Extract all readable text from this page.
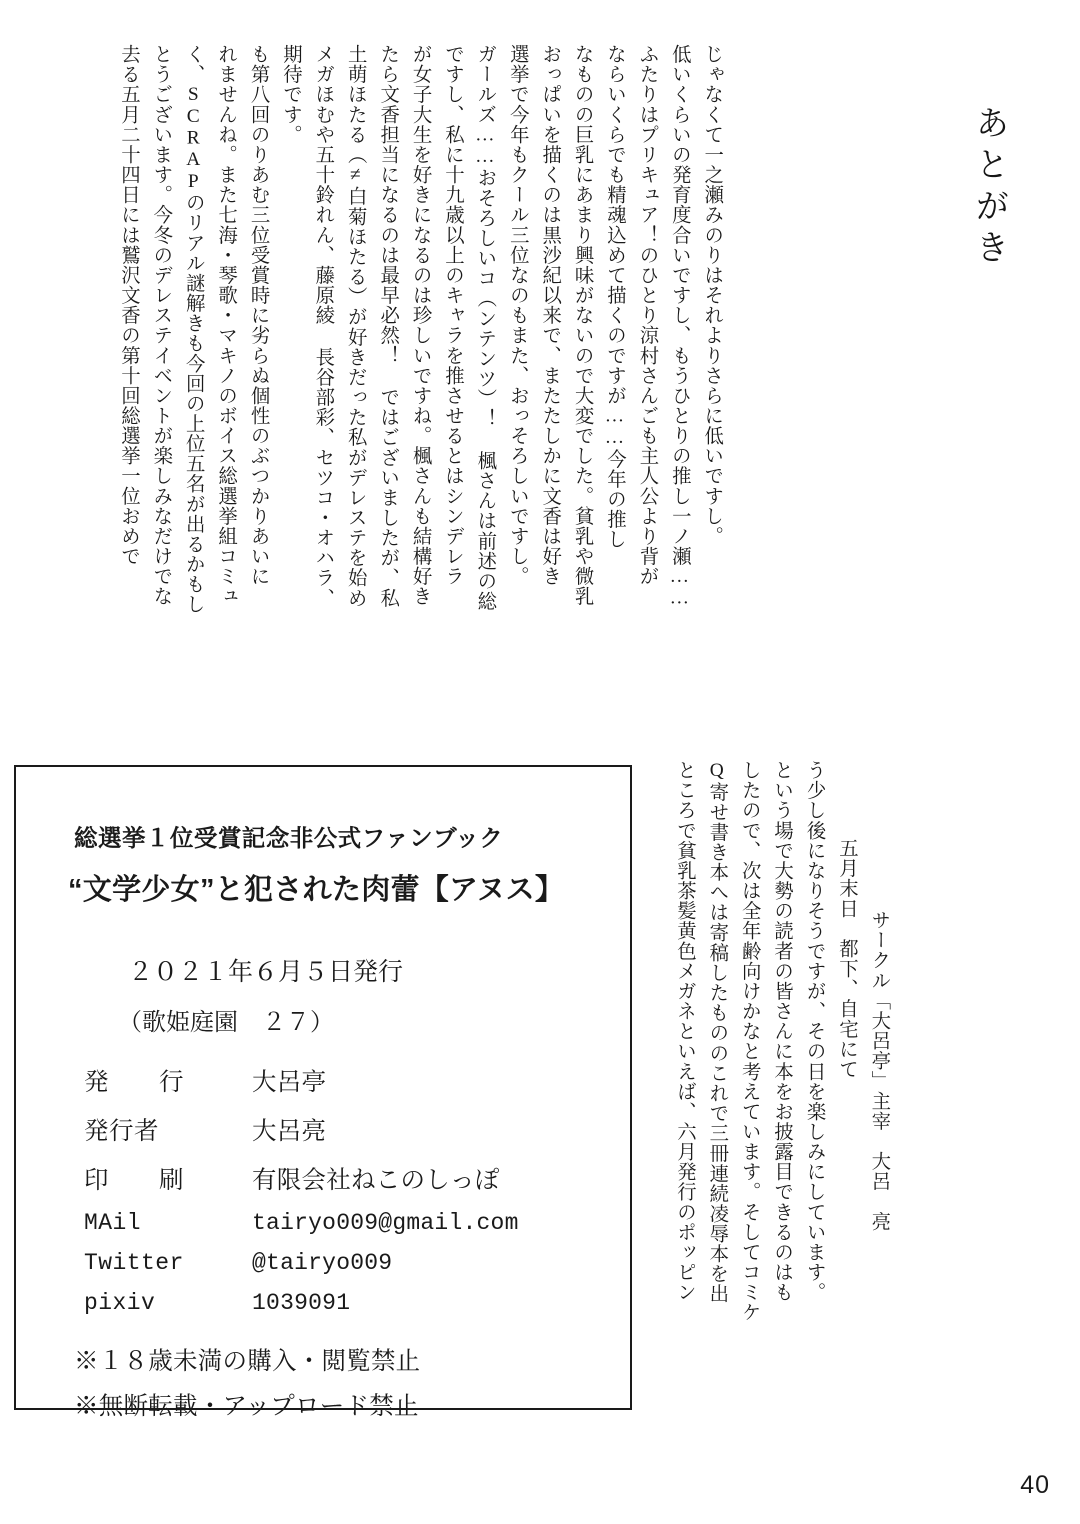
あとがき
去る五月二十四日には鷲沢文香の第十回総選挙一位おめで とうございます。今冬のデレステイベントが楽しみなだけでな く、SCRAPのリアル謎解きも今回の上位五名が出るかもし れませんね。また七海・琴歌・マキノのボイス総選挙組コミュ も第八回のりあむ三位受賞時に劣らぬ個性のぶつかりあいに 期待です。 メガほむや五十鈴れん、藤原綾 長谷部彩、セツコ・オハラ、 土萌ほたる（≠白菊ほたる）が好きだった私がデレステを始め たら文香担当になるのは最早必然！ ではございましたが、私 が女子大生を好きになるのは珍しいですね。楓さんも結構好き ですし、私に十九歳以上のキャラを推させるとはシンデレラ ガールズ……おそろしいコ（ンテンツ）！ 楓さんは前述の総 選挙で今年もクール三位なのもまた、おっそろしいですし。 おっぱいを描くのは黒沙紀以来で、またたしかに文香は好き なものの巨乳にあまり興味がないので大変でした。貧乳や微乳 ならいくらでも精魂込めて描くのですが……今年の推し ふたりはプリキュア！のひとり涼村さんごも主人公より背が 低いくらいの発育度合いですし、もうひとりの推し一ノ瀬…… じゃなくて一之瀬みのりはそれよりさらに低いですし。
ところで貧乳茶髪黄色メガネといえば、六月発行のポッピン Q寄せ書き本へは寄稿したもののこれで三冊連続凌辱本を出 したので、次は全年齢向けかなと考えています。そしてコミケ という場で大勢の読者の皆さんに本をお披露目できるのはも う少し後になりそうですが、その日を楽しみにしています。 五月末日　都下、自宅にて サークル「大呂亭」主宰　大呂　亮
総選挙１位受賞記念非公式ファンブック
“文学少女”と犯された肉蕾【アヌス】
２０２１年６月５日発行
（歌姫庭園　２７）
発　　行	大呂亭
発行者	大呂亮
印　　刷	有限会社ねこのしっぽ
MAil	tairyo009@gmail.com
Twitter	@tairyo009
pixiv	1039091
※１８歳未満の購入・閲覧禁止
※無断転載・アップロード禁止
40
